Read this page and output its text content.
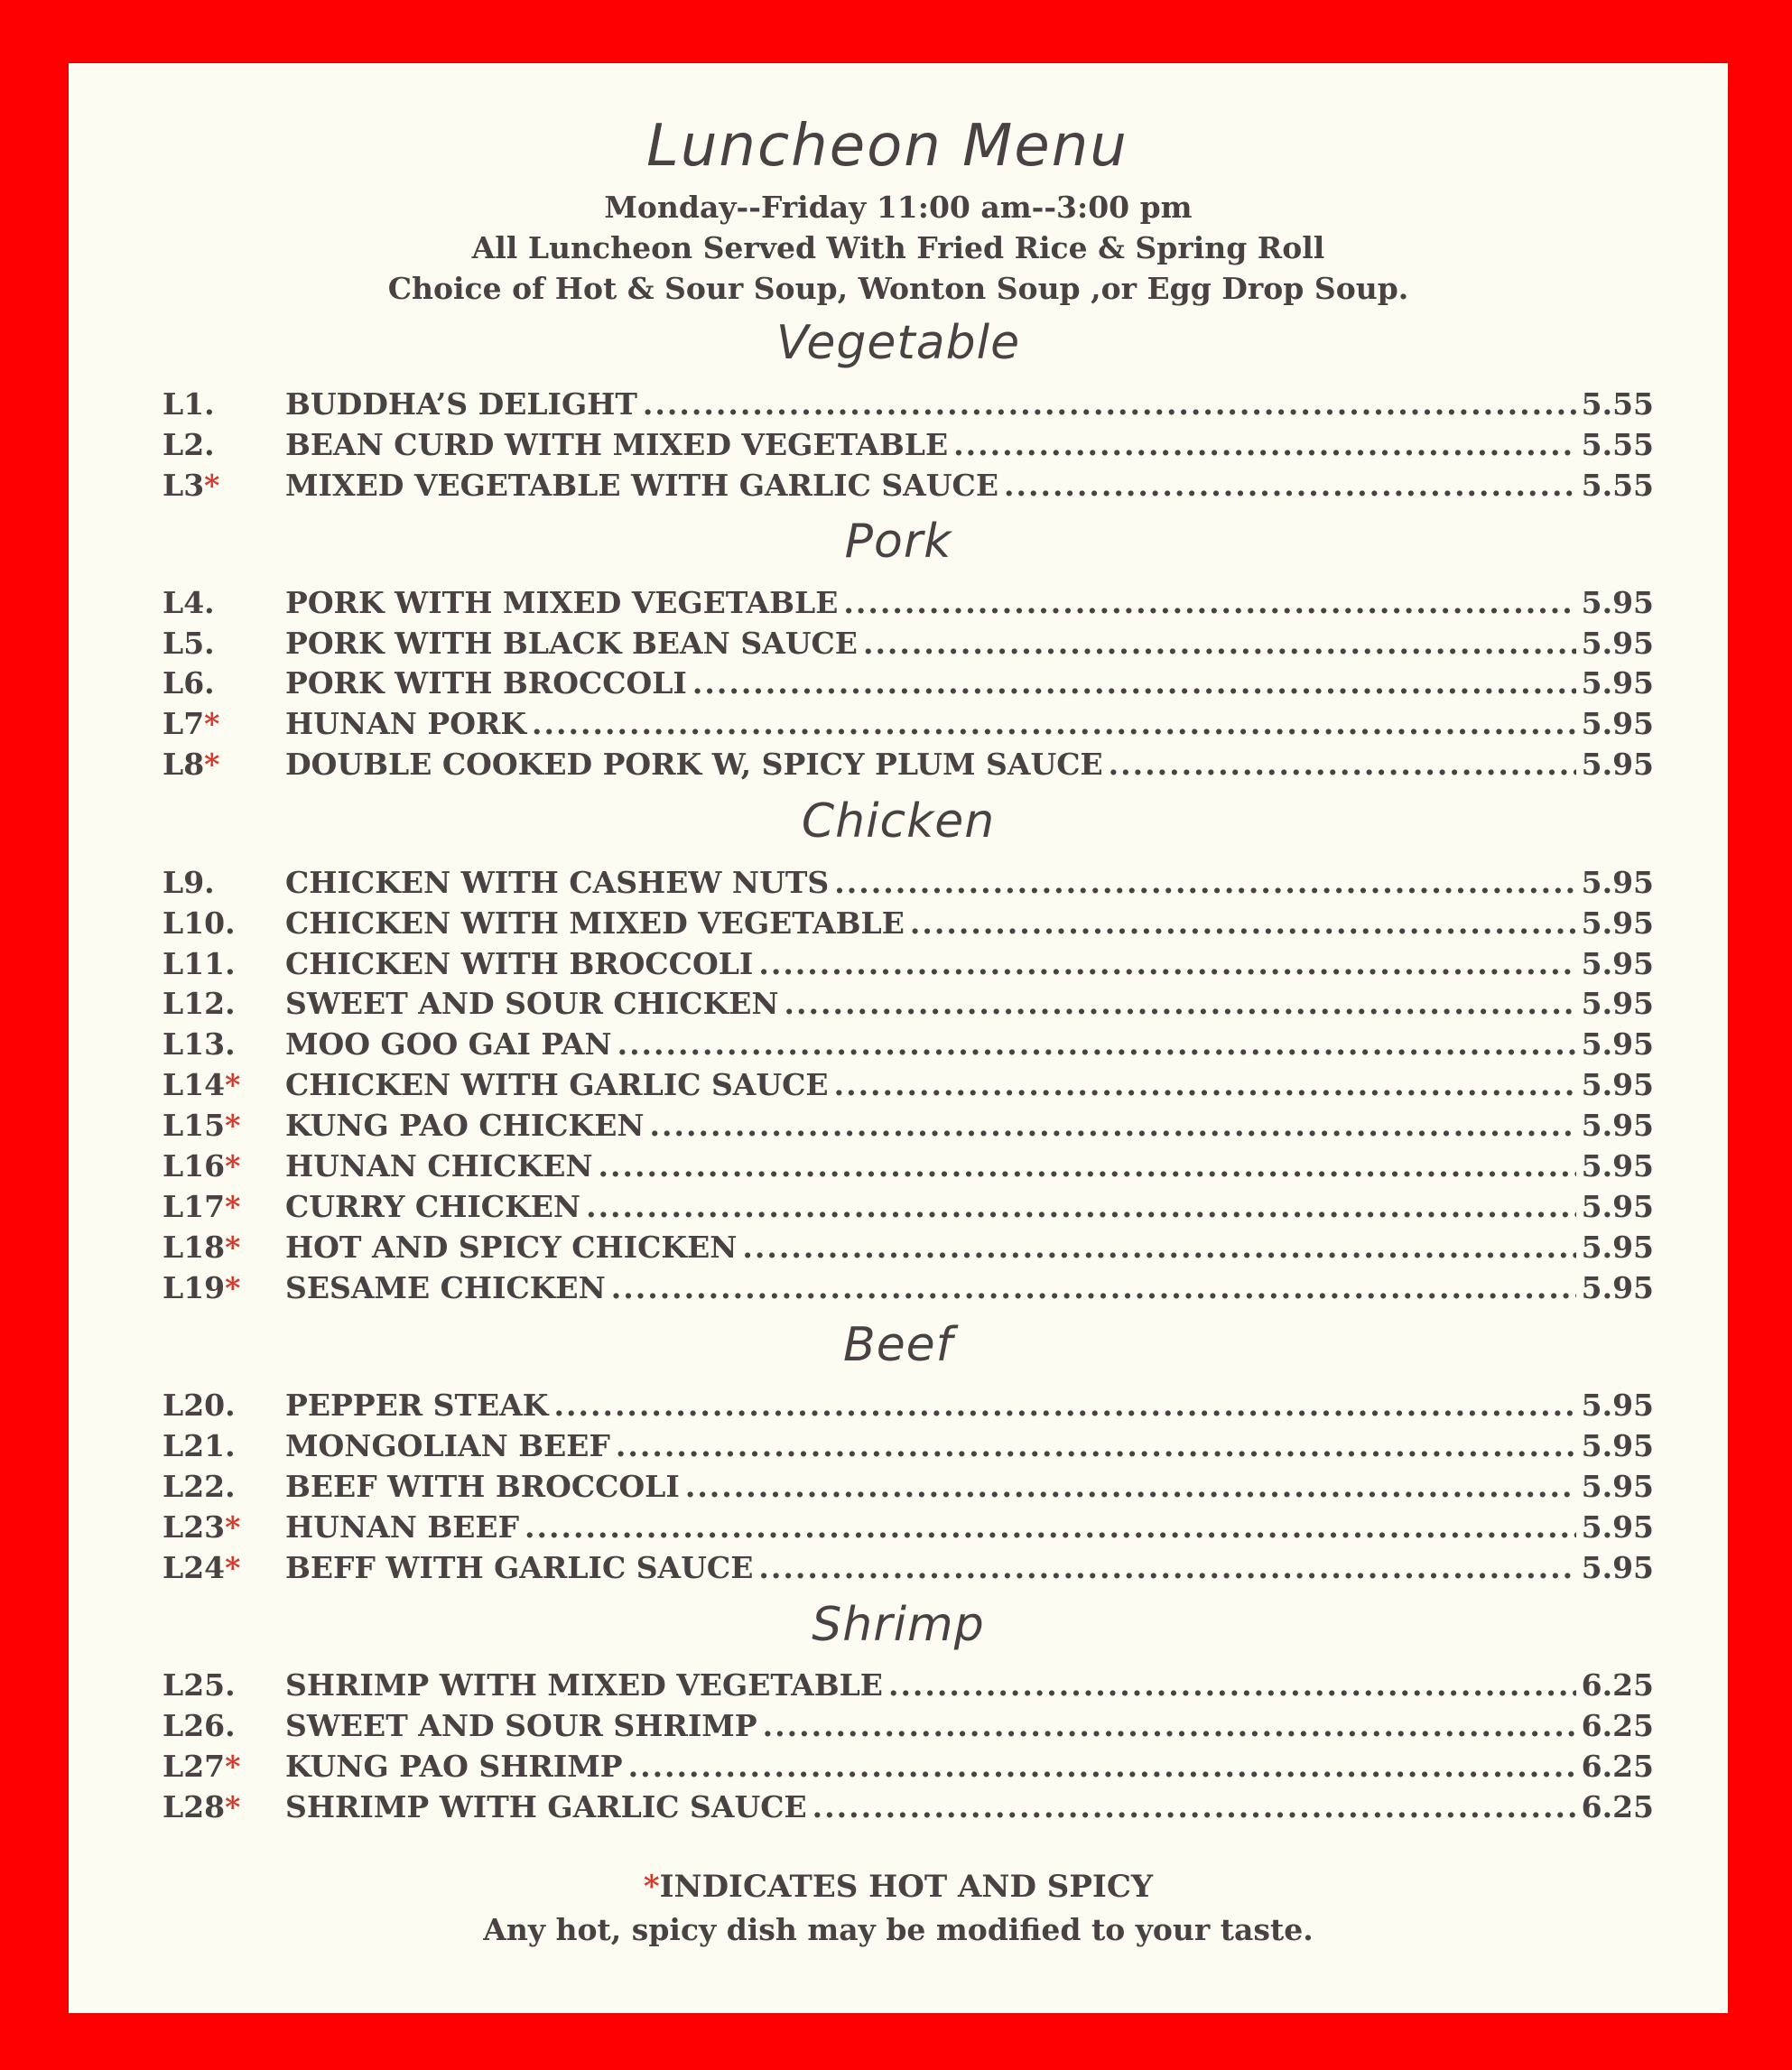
Luncheon Menu
Monday--Friday 11:00 am--3:00 pm
All Luncheon Served With Fried Rice & Spring Roll
Choice of Hot & Sour Soup, Wonton Soup ,or Egg Drop Soup.
Vegetable
L1.	BUDDHA’S DELIGHT .....	5.55
L2.	BEAN CURD WITH MIXED VEGETABLE .....	5.55
L3*	MIXED VEGETABLE WITH GARLIC SAUCE .....	5.55
Pork
L4.	PORK WITH MIXED VEGETABLE .....	5.95
L5.	PORK WITH BLACK BEAN SAUCE .....	5.95
L6.	PORK WITH BROCCOLI .....	5.95
L7*	HUNAN PORK .....	5.95
L8*	DOUBLE COOKED PORK W, SPICY PLUM SAUCE .....	5.95
Chicken
L9.	CHICKEN WITH CASHEW NUTS .....	5.95
L10.	CHICKEN WITH MIXED VEGETABLE .....	5.95
L11.	CHICKEN WITH BROCCOLI .....	5.95
L12.	SWEET AND SOUR CHICKEN .....	5.95
L13.	MOO GOO GAI PAN .....	5.95
L14*	CHICKEN WITH GARLIC SAUCE .....	5.95
L15*	KUNG PAO CHICKEN .....	5.95
L16*	HUNAN CHICKEN .....	5.95
L17*	CURRY CHICKEN .....	5.95
L18*	HOT AND SPICY CHICKEN .....	5.95
L19*	SESAME CHICKEN .....	5.95
Beef
L20.	PEPPER STEAK .....	5.95
L21.	MONGOLIAN BEEF .....	5.95
L22.	BEEF WITH BROCCOLI .....	5.95
L23*	HUNAN BEEF .....	5.95
L24*	BEFF WITH GARLIC SAUCE .....	5.95
Shrimp
L25.	SHRIMP WITH MIXED VEGETABLE .....	6.25
L26.	SWEET AND SOUR SHRIMP .....	6.25
L27*	KUNG PAO SHRIMP .....	6.25
L28*	SHRIMP WITH GARLIC SAUCE .....	6.25
*INDICATES HOT AND SPICY
Any hot, spicy dish may be modified to your taste.
